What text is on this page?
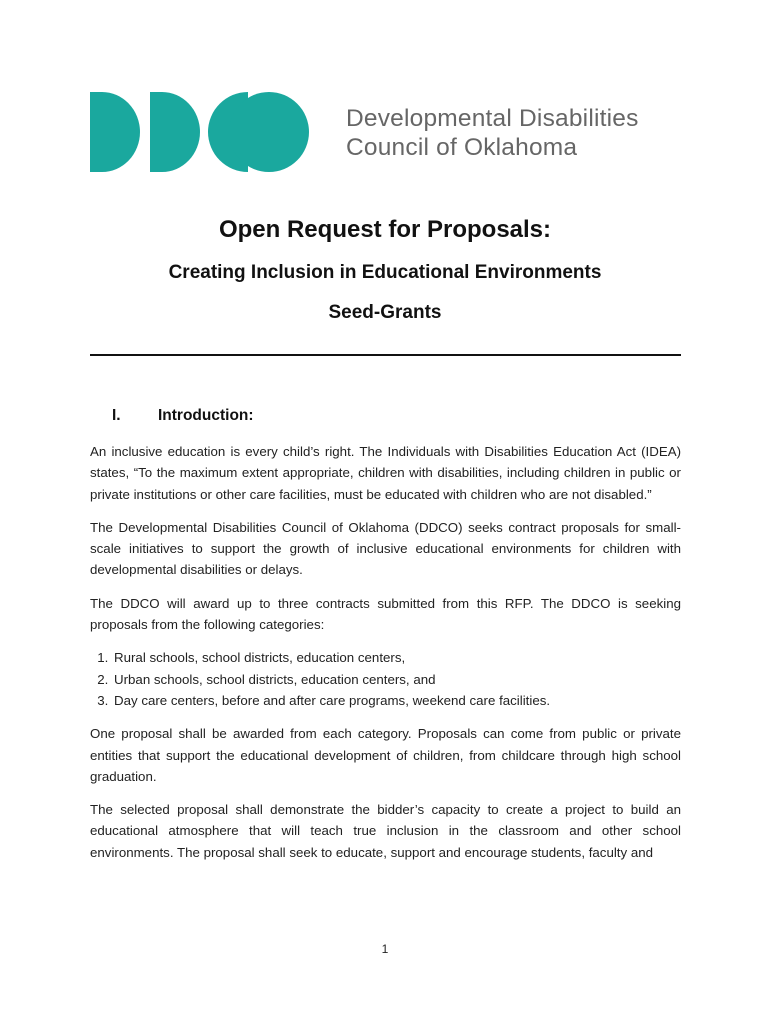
Developmental Disabilities
Council of Oklahoma
Open Request for Proposals:
Creating Inclusion in Educational Environments
Seed-Grants
I. Introduction:

An inclusive education is every child’s right. The Individuals with Disabilities Education Act (IDEA) states, “To the maximum extent appropriate, children with disabilities, including children in public or private institutions or other care facilities, must be educated with children who are not disabled.”

The Developmental Disabilities Council of Oklahoma (DDCO) seeks contract proposals for small-scale initiatives to support the growth of inclusive educational environments for children with developmental disabilities or delays.

The DDCO will award up to three contracts submitted from this RFP. The DDCO is seeking proposals from the following categories:

1. Rural schools, school districts, education centers,
2. Urban schools, school districts, education centers, and
3. Day care centers, before and after care programs, weekend care facilities.

One proposal shall be awarded from each category. Proposals can come from public or private entities that support the educational development of children, from childcare through high school graduation.

The selected proposal shall demonstrate the bidder’s capacity to create a project to build an educational atmosphere that will teach true inclusion in the classroom and other school environments. The proposal shall seek to educate, support and encourage students, faculty and

1
